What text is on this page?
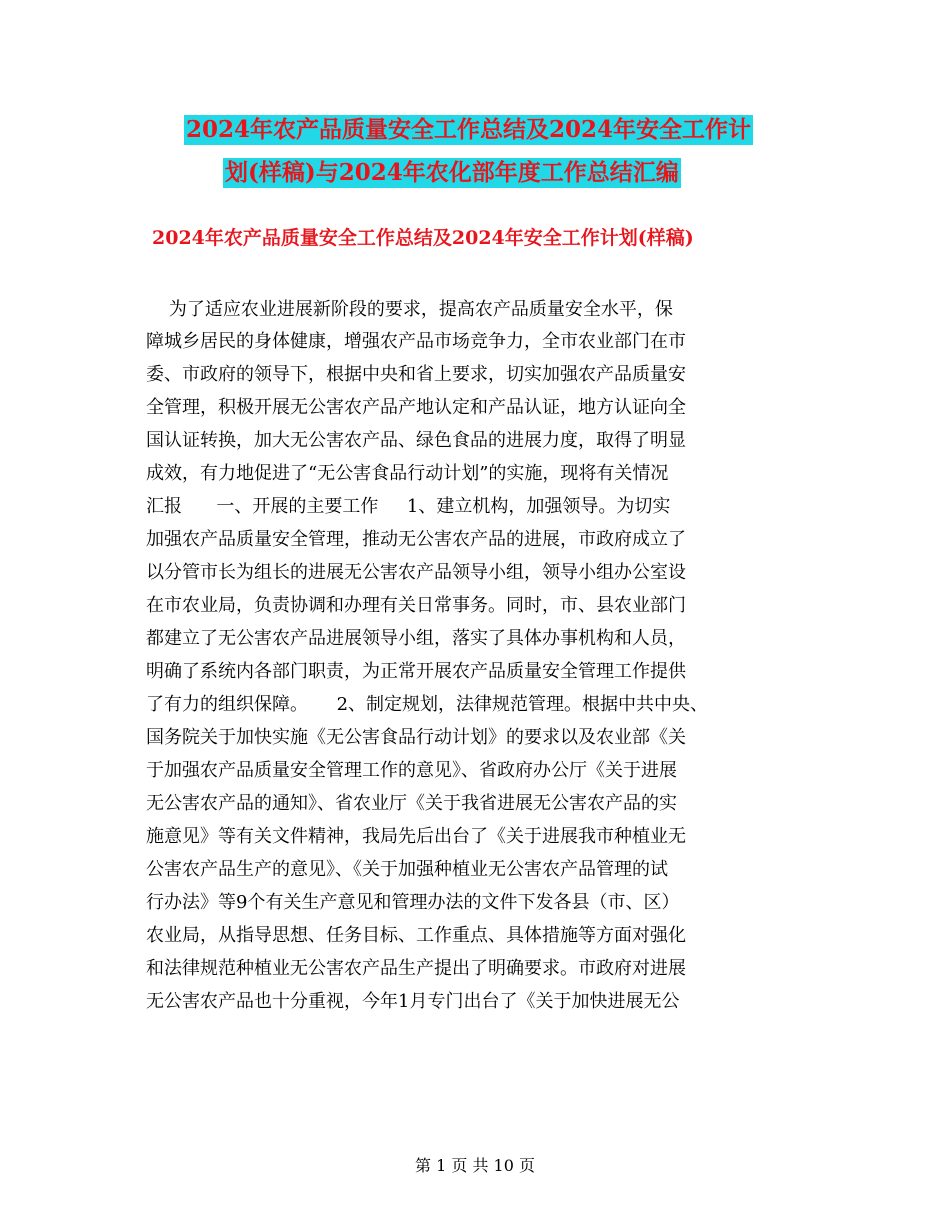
2024年农产品质量安全工作总结及2024年安全工作计
划(样稿)与2024年农化部年度工作总结汇编
2024年农产品质量安全工作总结及2024年安全工作计划(样稿)
为了适应农业进展新阶段的要求，提高农产品质量安全水平，保
障城乡居民的身体健康，增强农产品市场竞争力，全市农业部门在市
委、市政府的领导下，根据中央和省上要求，切实加强农产品质量安
全管理，积极开展无公害农产品产地认定和产品认证，地方认证向全
国认证转换，加大无公害农产品、绿色食品的进展力度，取得了明显
成效，有力地促进了“无公害食品行动计划”的实施，现将有关情况
汇报      一、开展的主要工作     1、建立机构，加强领导。为切实
加强农产品质量安全管理，推动无公害农产品的进展，市政府成立了
以分管市长为组长的进展无公害农产品领导小组，领导小组办公室设
在市农业局，负责协调和办理有关日常事务。同时，市、县农业部门
都建立了无公害农产品进展领导小组，落实了具体办事机构和人员，
明确了系统内各部门职责，为正常开展农产品质量安全管理工作提供
了有力的组织保障。     2、制定规划，法律规范管理。根据中共中央、
国务院关于加快实施《无公害食品行动计划》的要求以及农业部《关
于加强农产品质量安全管理工作的意见》、省政府办公厅《关于进展
无公害农产品的通知》、省农业厅《关于我省进展无公害农产品的实
施意见》等有关文件精神，我局先后出台了《关于进展我市种植业无
公害农产品生产的意见》、《关于加强种植业无公害农产品管理的试
行办法》等9个有关生产意见和管理办法的文件下发各县（市、区）
农业局，从指导思想、任务目标、工作重点、具体措施等方面对强化
和法律规范种植业无公害农产品生产提出了明确要求。市政府对进展
无公害农产品也十分重视，今年1月专门出台了《关于加快进展无公
第 1 页 共 10 页
